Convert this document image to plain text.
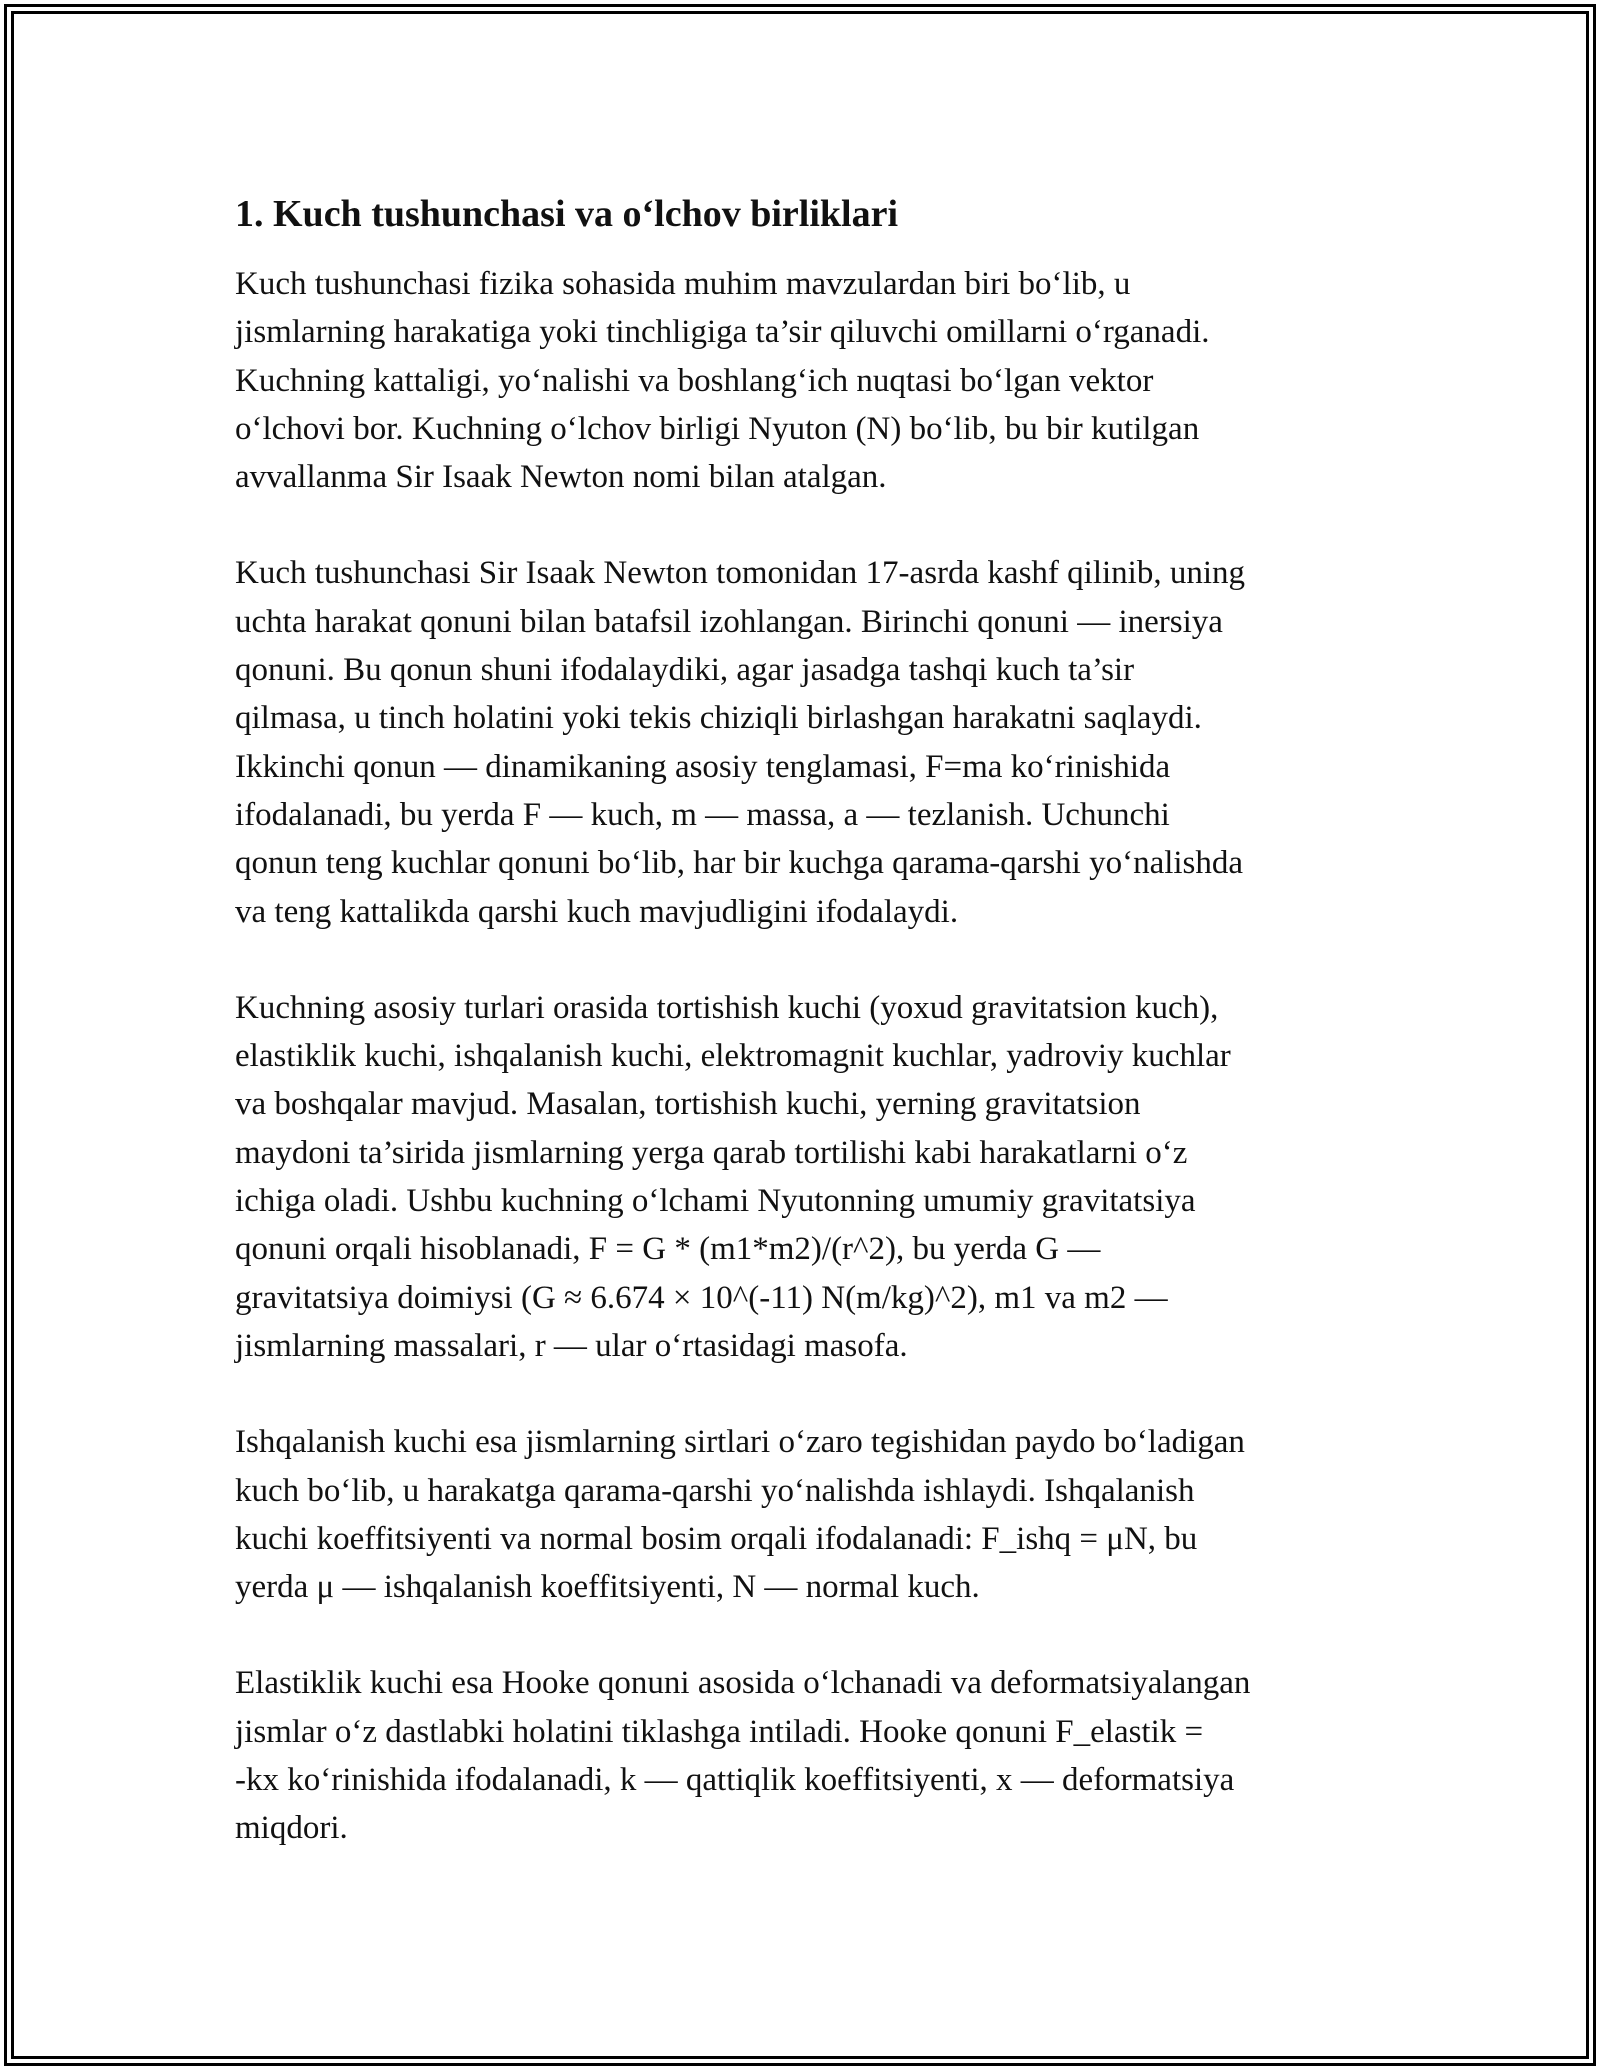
1. Kuch tushunchasi va o‘lchov birliklari

Kuch tushunchasi fizika sohasida muhim mavzulardan biri bo‘lib, u
jismlarning harakatiga yoki tinchligiga ta’sir qiluvchi omillarni o‘rganadi.
Kuchning kattaligi, yo‘nalishi va boshlang‘ich nuqtasi bo‘lgan vektor
o‘lchovi bor. Kuchning o‘lchov birligi Nyuton (N) bo‘lib, bu bir kutilgan
avvallanma Sir Isaak Newton nomi bilan atalgan.

Kuch tushunchasi Sir Isaak Newton tomonidan 17-asrda kashf qilinib, uning
uchta harakat qonuni bilan batafsil izohlangan. Birinchi qonuni — inersiya
qonuni. Bu qonun shuni ifodalaydiki, agar jasadga tashqi kuch ta’sir
qilmasa, u tinch holatini yoki tekis chiziqli birlashgan harakatni saqlaydi.
Ikkinchi qonun — dinamikaning asosiy tenglamasi, F=ma ko‘rinishida
ifodalanadi, bu yerda F — kuch, m — massa, a — tezlanish. Uchunchi
qonun teng kuchlar qonuni bo‘lib, har bir kuchga qarama-qarshi yo‘nalishda
va teng kattalikda qarshi kuch mavjudligini ifodalaydi.

Kuchning asosiy turlari orasida tortishish kuchi (yoxud gravitatsion kuch),
elastiklik kuchi, ishqalanish kuchi, elektromagnit kuchlar, yadroviy kuchlar
va boshqalar mavjud. Masalan, tortishish kuchi, yerning gravitatsion
maydoni ta’sirida jismlarning yerga qarab tortilishi kabi harakatlarni o‘z
ichiga oladi. Ushbu kuchning o‘lchami Nyutonning umumiy gravitatsiya
qonuni orqali hisoblanadi, F = G * (m1*m2)/(r^2), bu yerda G —
gravitatsiya doimiysi (G ≈ 6.674 × 10^(-11) N(m/kg)^2), m1 va m2 —
jismlarning massalari, r — ular o‘rtasidagi masofa.

Ishqalanish kuchi esa jismlarning sirtlari o‘zaro tegishidan paydo bo‘ladigan
kuch bo‘lib, u harakatga qarama-qarshi yo‘nalishda ishlaydi. Ishqalanish
kuchi koeffitsiyenti va normal bosim orqali ifodalanadi: F_ishq = μN, bu
yerda μ — ishqalanish koeffitsiyenti, N — normal kuch.

Elastiklik kuchi esa Hooke qonuni asosida o‘lchanadi va deformatsiyalangan
jismlar o‘z dastlabki holatini tiklashga intiladi. Hooke qonuni F_elastik =
-kx ko‘rinishida ifodalanadi, k — qattiqlik koeffitsiyenti, x — deformatsiya
miqdori.
